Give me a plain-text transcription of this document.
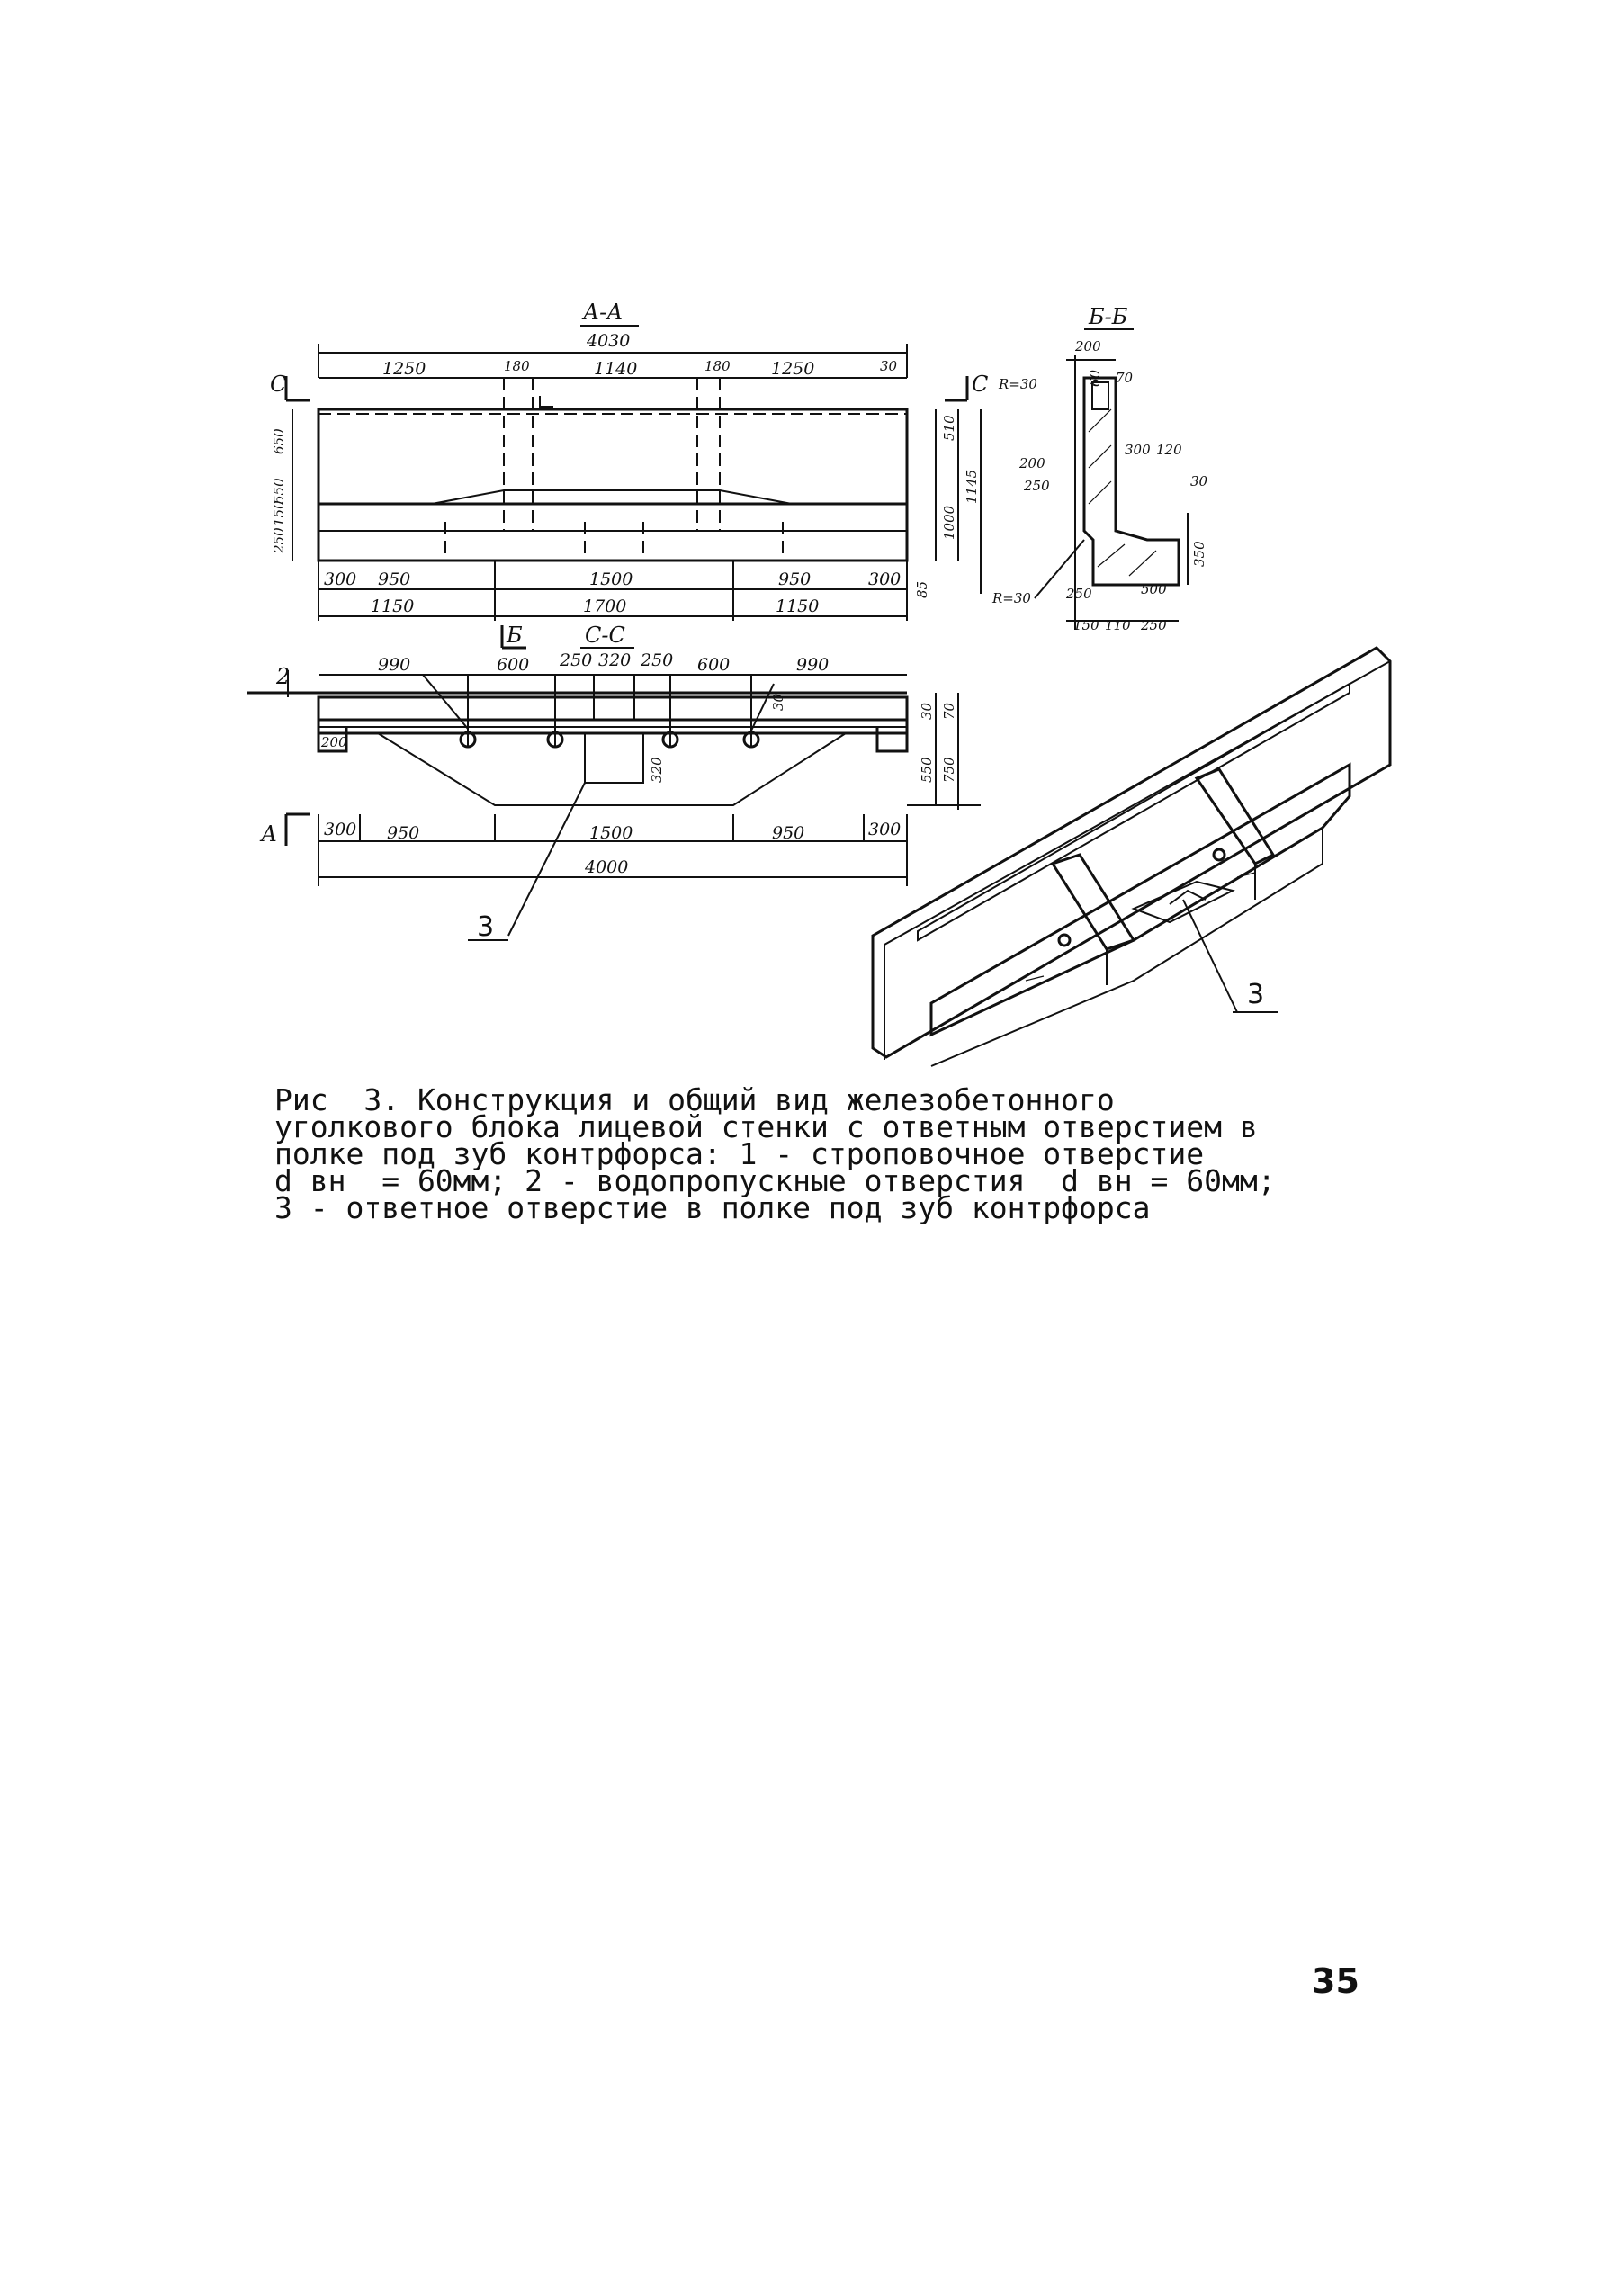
А-А
4030
1250	180	1140	180 1250	30
С	С
550
650
250
150
510
1000
1145
85
300 950	1500	950	300
1150	1700	1150
Б	С-С
990	600 250 320 250 600	990
2
200
320
30
30 70
550 750
А	300 950	1500	950	300
4000
3
Б-Б
200
60 70
R=30
200
300 120
30
250
350
R=30	250	500
150 110 250
3
Рис  3. Конструкция и общий вид железобетонного
уголкового блока лицевой стенки с ответным отверстием в
полке под зуб контрфорса: 1 - строповочное отверстие
d вн  = 60мм; 2 - водопропускные отверстия  d вн = 60мм;
3 - ответное отверстие в полке под зуб контрфорса
35
